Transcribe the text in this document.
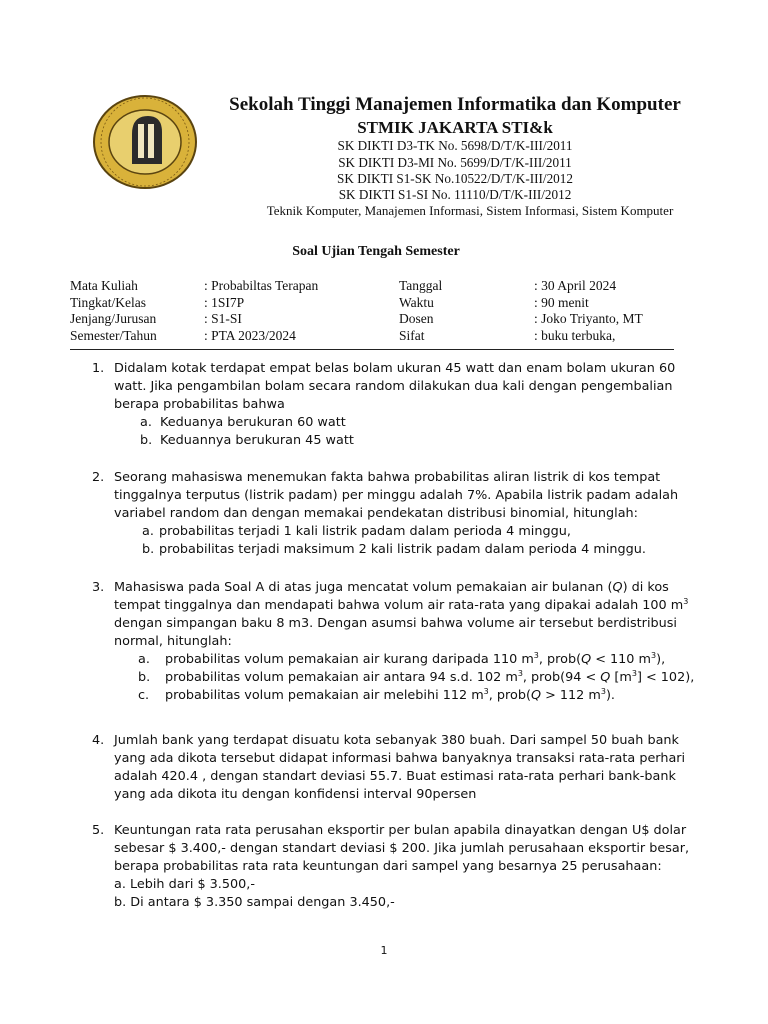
Sekolah Tinggi Manajemen Informatika dan Komputer
STMIK JAKARTA STI&k
SK DIKTI D3-TK No. 5698/D/T/K-III/2011
SK DIKTI D3-MI No. 5699/D/T/K-III/2011
SK DIKTI S1-SK No.10522/D/T/K-III/2012
SK DIKTI S1-SI No. 11110/D/T/K-III/2012
Teknik Komputer, Manajemen Informasi, Sistem Informasi, Sistem Komputer
Soal Ujian Tengah Semester
Mata Kuliah
Tingkat/Kelas
Jenjang/Jurusan
Semester/Tahun
: Probabiltas Terapan
: 1SI7P
: S1-SI
: PTA 2023/2024
Tanggal
Waktu
Dosen
Sifat
: 30 April 2024
: 90 menit
: Joko Triyanto, MT
: buku terbuka,
1. Didalam kotak terdapat empat belas bolam ukuran 45 watt dan enam bolam ukuran 60
watt. Jika pengambilan bolam secara random dilakukan dua kali dengan pengembalian
berapa probabilitas bahwa
a. Keduanya berukuran 60 watt
b. Keduannya berukuran 45 watt
2. Seorang mahasiswa menemukan fakta bahwa probabilitas aliran listrik di kos tempat
tinggalnya terputus (listrik padam) per minggu adalah 7%. Apabila listrik padam adalah
variabel random dan dengan memakai pendekatan distribusi binomial, hitunglah:
a. probabilitas terjadi 1 kali listrik padam dalam perioda 4 minggu,
b. probabilitas terjadi maksimum 2 kali listrik padam dalam perioda 4 minggu.
3. Mahasiswa pada Soal A di atas juga mencatat volum pemakaian air bulanan (Q) di kos
tempat tinggalnya dan mendapati bahwa volum air rata-rata yang dipakai adalah 100 $m^3$
dengan simpangan baku 8 m3. Dengan asumsi bahwa volume air tersebut berdistribusi
normal, hitunglah:
a. probabilitas volum pemakaian air kurang daripada 110 $m^3$, prob(Q < 110 $m^3$),
b. probabilitas volum pemakaian air antara 94 s.d. 102 $m^3$, prob(94 < Q $[m^3] < 102$),
c. probabilitas volum pemakaian air melebihi 112 $m^3$, prob(Q > 112 $m^3$).
4. Jumlah bank yang terdapat disuatu kota sebanyak 380 buah. Dari sampel 50 buah bank
yang ada dikota tersebut didapat informasi bahwa banyaknya transaksi rata-rata perhari
adalah 420.4 , dengan standart deviasi 55.7. Buat estimasi rata-rata perhari bank-bank
yang ada dikota itu dengan konfidensi interval 90persen
5. Keuntungan rata rata perusahan eksportir per bulan apabila dinayatkan dengan U$ dolar
sebesar $ 3.400,- dengan standart deviasi $ 200. Jika jumlah perusahaan eksportir besar,
berapa probabilitas rata rata keuntungan dari sampel yang besarnya 25 perusahaan:
a. Lebih dari $ 3.500,-
b. Di antara $ 3.350 sampai dengan 3.450,-
1
